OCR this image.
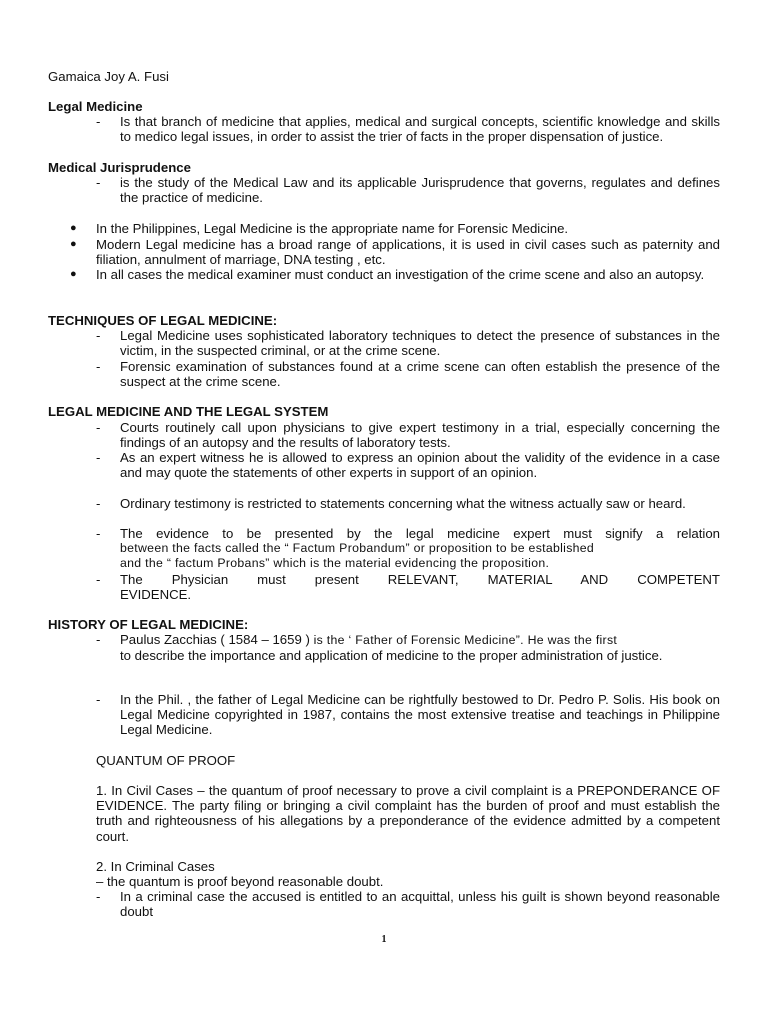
Gamaica Joy A. Fusi
Legal Medicine
- Is that branch of medicine that applies, medical and surgical concepts, scientific knowledge and skills to medico legal issues, in order to assist the trier of facts in the proper dispensation of justice.
Medical Jurisprudence
- is the study of the Medical Law and its applicable Jurisprudence that governs, regulates and defines the practice of medicine.
● In the Philippines, Legal Medicine is the appropriate name for Forensic Medicine.
● Modern Legal medicine has a broad range of applications, it is used in civil cases such as paternity and filiation, annulment of marriage, DNA testing , etc.
● In all cases the medical examiner must conduct an investigation of the crime scene and also an autopsy.
TECHNIQUES OF LEGAL MEDICINE:
- Legal Medicine uses sophisticated laboratory techniques to detect the presence of substances in the victim, in the suspected criminal, or at the crime scene.
- Forensic examination of substances found at a crime scene can often establish the presence of the suspect at the crime scene.
LEGAL MEDICINE AND THE LEGAL SYSTEM
- Courts routinely call upon physicians to give expert testimony in a trial, especially concerning the findings of an autopsy and the results of laboratory tests.
- As an expert witness he is allowed to express an opinion about the validity of the evidence in a case and may quote the statements of other experts in support of an opinion.
- Ordinary testimony is restricted to statements concerning what the witness actually saw or heard.
- The evidence to be presented by the legal medicine expert must signify a relation
between the facts called the “ Factum Probandum” or proposition to be established
and the “ factum Probans” which is the material evidencing the proposition.
- The Physician must present RELEVANT, MATERIAL AND COMPETENT
EVIDENCE.
HISTORY OF LEGAL MEDICINE:
- Paulus Zacchias ( 1584 – 1659 ) is the ‘ Father of Forensic Medicine”. He was the first
to describe the importance and application of medicine to the proper administration of justice.
- In the Phil. , the father of Legal Medicine can be rightfully bestowed to Dr. Pedro P. Solis. His book on Legal Medicine copyrighted in 1987, contains the most extensive treatise and teachings in Philippine Legal Medicine.
QUANTUM OF PROOF
1. In Civil Cases – the quantum of proof necessary to prove a civil complaint is a PREPONDERANCE OF EVIDENCE. The party filing or bringing a civil complaint has the burden of proof and must establish the truth and righteousness of his allegations by a preponderance of the evidence admitted by a competent court.
2. In Criminal Cases
– the quantum is proof beyond reasonable doubt.
- In a criminal case the accused is entitled to an acquittal, unless his guilt is shown beyond reasonable doubt
1
